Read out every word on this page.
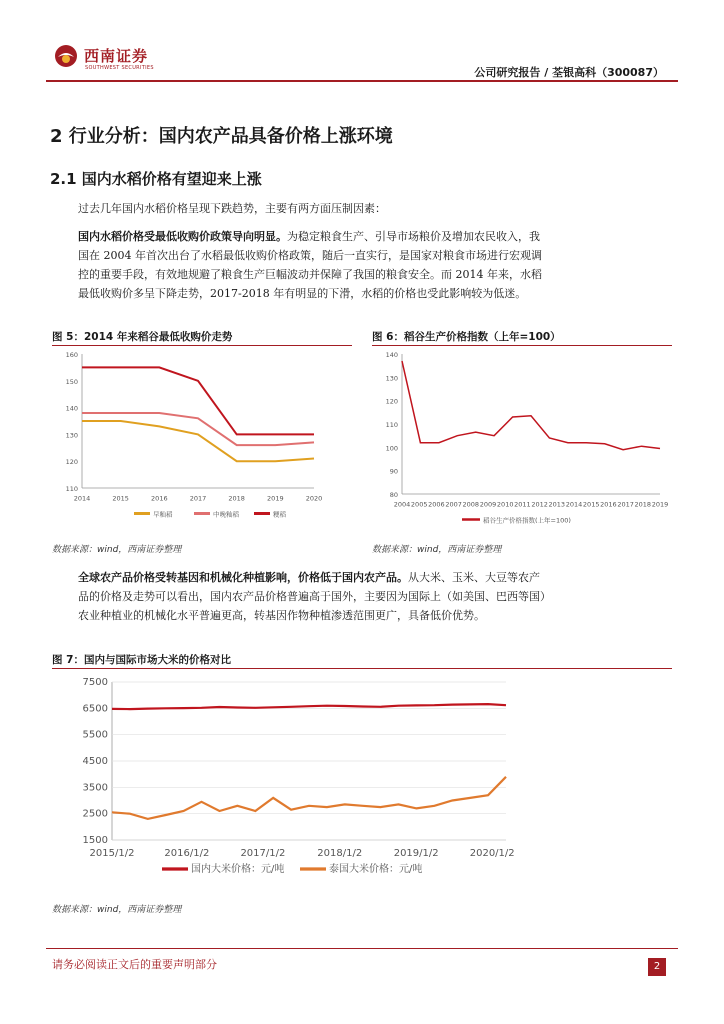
西南证券
SOUTHWEST SECURITIES	公司研究报告 / 荃银高科（300087）
2 行业分析：国内农产品具备价格上涨环境
2.1 国内水稻价格有望迎来上涨
过去几年国内水稻价格呈现下跌趋势，主要有两方面压制因素：
国内水稻价格受最低收购价政策导向明显。为稳定粮食生产、引导市场粮价及增加农民收入，我国在 2004 年首次出台了水稻最低收购价格政策，随后一直实行，是国家对粮食市场进行宏观调控的重要手段，有效地规避了粮食生产巨幅波动并保障了我国的粮食安全。而 2014 年来，水稻最低收购价多呈下降走势，2017-2018 年有明显的下滑，水稻的价格也受此影响较为低迷。
图 5：2014 年来稻谷最低收购价走势
110
120
130
140
150
160
2014	2015	2016	2017	2018	2019	2020
早籼稻	中晚籼稻	粳稻
数据来源：wind，西南证券整理
图 6：稻谷生产价格指数（上年=100）
80
90
100
110
120
130
140
2004 2005 2006 2007 2008 2009 2010 2011 2012 2013 2014 2015 2016 2017 2018 2019
稻谷生产价格指数(上年=100)
数据来源：wind，西南证券整理
全球农产品价格受转基因和机械化种植影响，价格低于国内农产品。从大米、玉米、大豆等农产品的价格及走势可以看出，国内农产品价格普遍高于国外，主要因为国际上（如美国、巴西等国）农业种植业的机械化水平普遍更高，转基因作物种植渗透范围更广，具备低价优势。
图 7：国内与国际市场大米的价格对比
1500
2500
3500
4500
5500
6500
7500
2015/1/2	2016/1/2	2017/1/2	2018/1/2	2019/1/2	2020/1/2
国内大米价格：元/吨	泰国大米价格：元/吨
数据来源：wind，西南证券整理
请务必阅读正文后的重要声明部分	2
